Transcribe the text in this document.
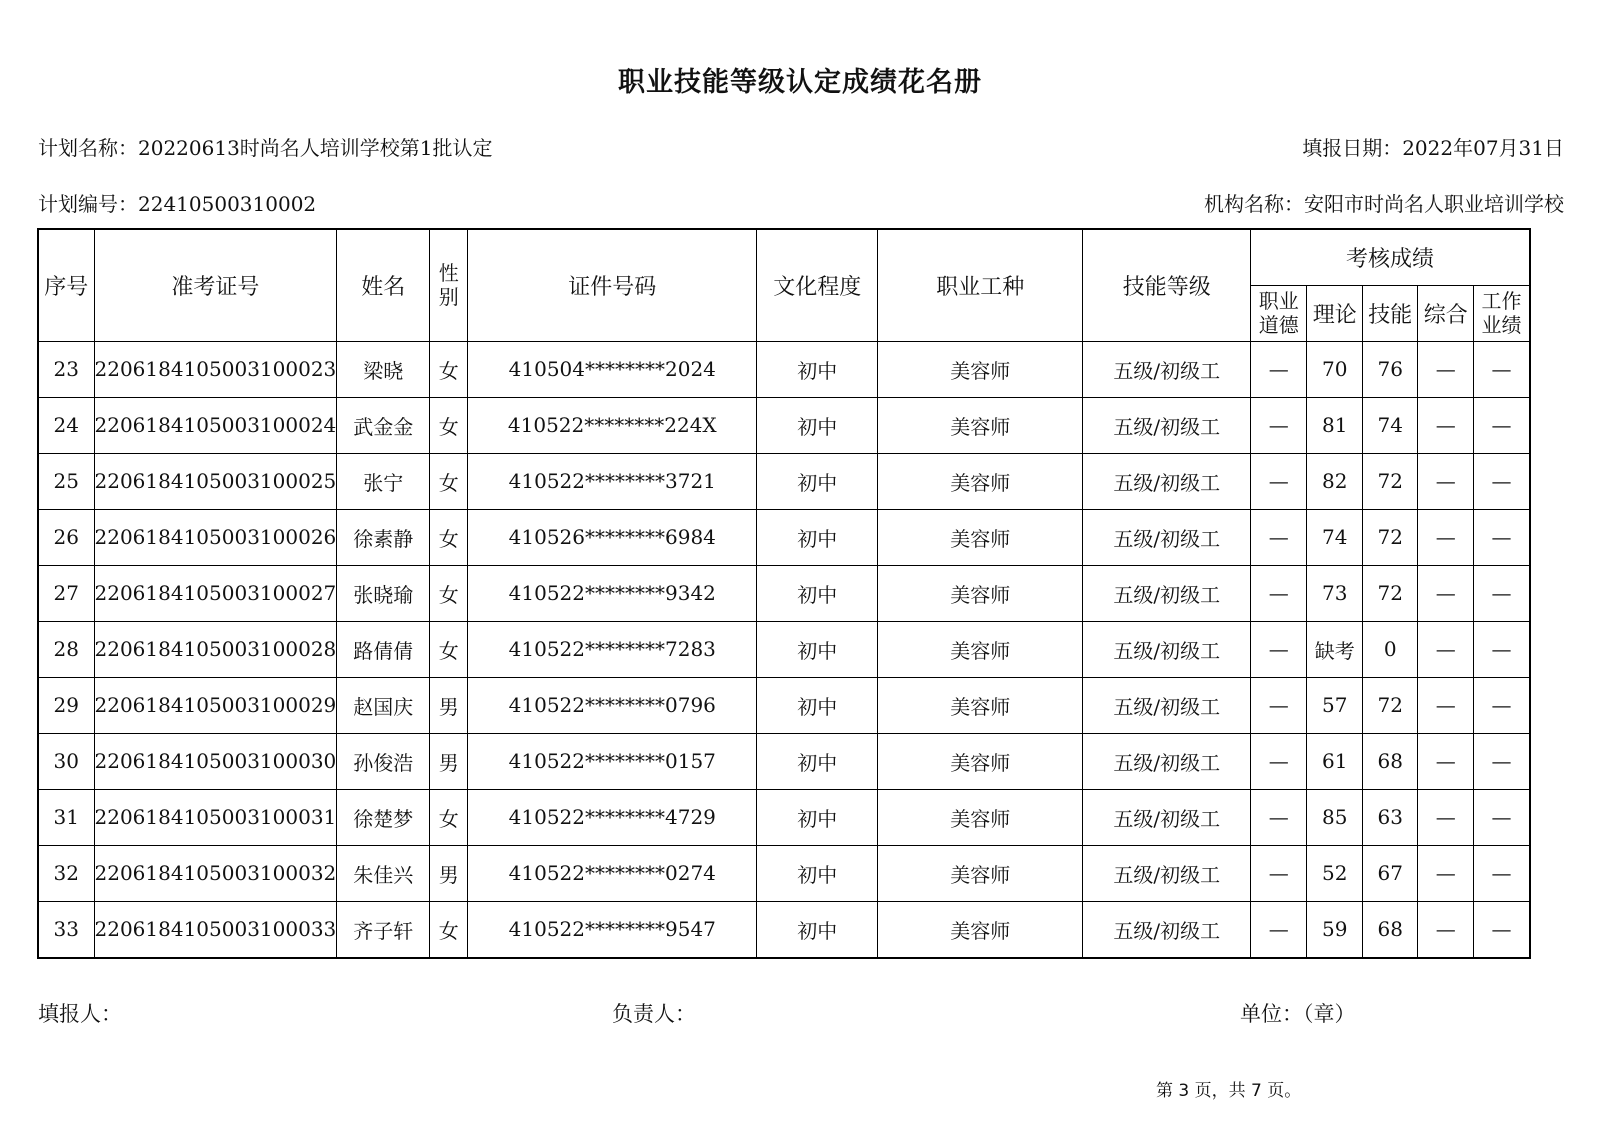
职业技能等级认定成绩花名册
计划名称：20220613时尚名人培训学校第1批认定	填报日期：2022年07月31日
计划编号：22410500310002	机构名称：安阳市时尚名人职业培训学校
序号	准考证号	姓名	性别	证件号码	文化程度	职业工种	技能等级	考核成绩				
								职业道德	理论	技能	综合	工作业绩
23	2206184105003100023	梁晓	女	410504********2024	初中	美容师	五级/初级工	—	70	76	—	—
24	2206184105003100024	武金金	女	410522********224X	初中	美容师	五级/初级工	—	81	74	—	—
25	2206184105003100025	张宁	女	410522********3721	初中	美容师	五级/初级工	—	82	72	—	—
26	2206184105003100026	徐素静	女	410526********6984	初中	美容师	五级/初级工	—	74	72	—	—
27	2206184105003100027	张晓瑜	女	410522********9342	初中	美容师	五级/初级工	—	73	72	—	—
28	2206184105003100028	路倩倩	女	410522********7283	初中	美容师	五级/初级工	—	缺考	0	—	—
29	2206184105003100029	赵国庆	男	410522********0796	初中	美容师	五级/初级工	—	57	72	—	—
30	2206184105003100030	孙俊浩	男	410522********0157	初中	美容师	五级/初级工	—	61	68	—	—
31	2206184105003100031	徐楚梦	女	410522********4729	初中	美容师	五级/初级工	—	85	63	—	—
32	2206184105003100032	朱佳兴	男	410522********0274	初中	美容师	五级/初级工	—	52	67	—	—
33	2206184105003100033	齐子轩	女	410522********9547	初中	美容师	五级/初级工	—	59	68	—	—
填报人：	负责人：	单位：（章）
第 3 页，共 7 页。
